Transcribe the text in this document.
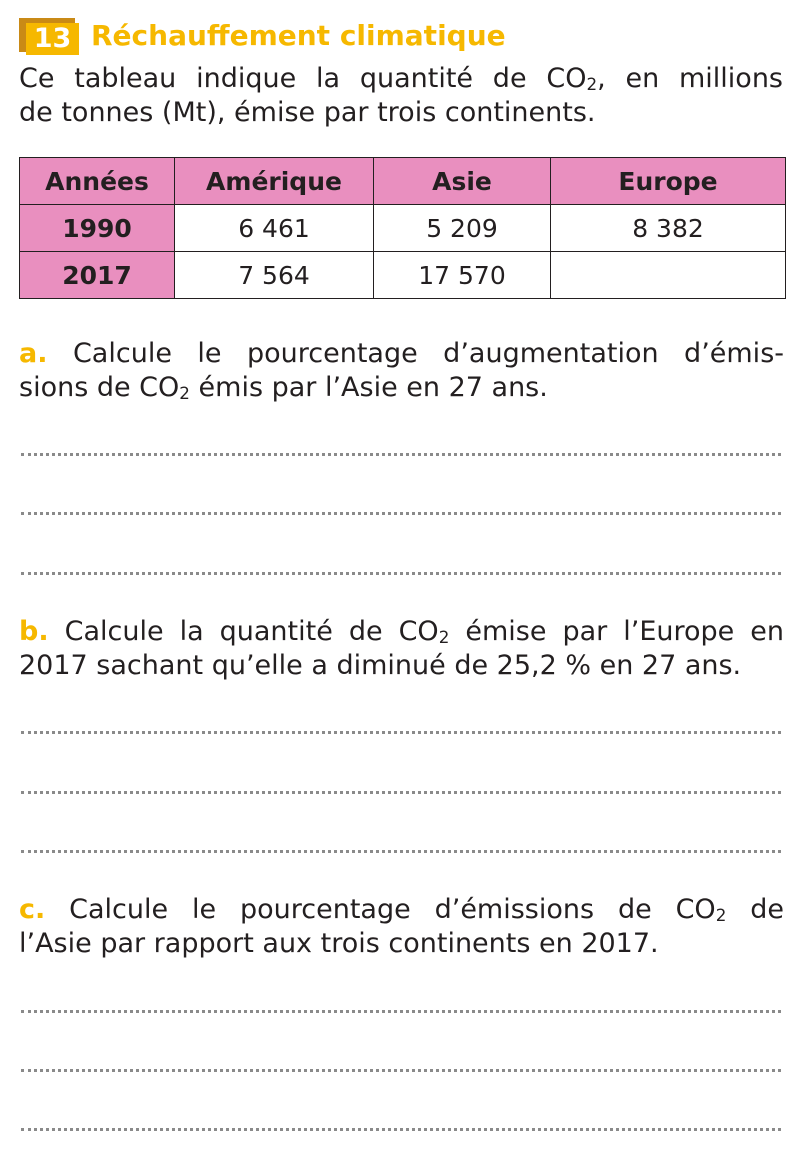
13 Réchauffement climatique
Ce tableau indique la quantité de $CO_2$, en millions
de tonnes (Mt), émise par trois continents.
Années	Amérique	Asie	Europe
1990	6 461	5 209	8 382
2017	7 564	17 570	
a. Calcule le pourcentage d’augmentation d’émis-
sions de $CO_2$ émis par l’Asie en 27 ans.
b. Calcule la quantité de $CO_2$ émise par l’Europe en
2017 sachant qu’elle a diminué de 25,2 % en 27 ans.
c. Calcule le pourcentage d’émissions de $CO_2$ de
l’Asie par rapport aux trois continents en 2017.
